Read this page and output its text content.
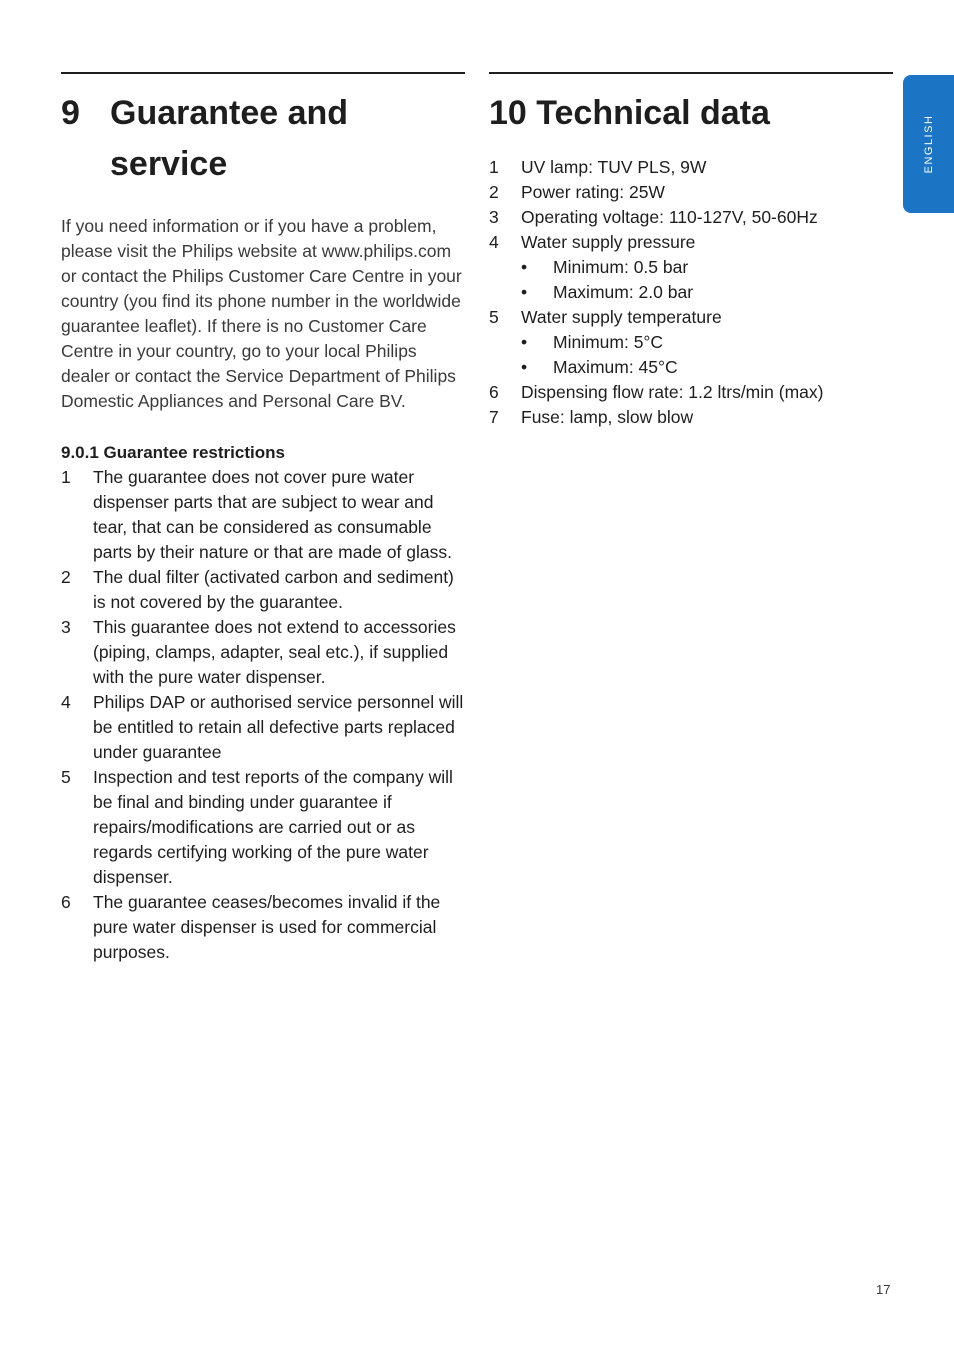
9 Guarantee and service

If you need information or if you have a problem, please visit the Philips website at www.philips.com or contact the Philips Customer Care Centre in your country (you find its phone number in the worldwide guarantee leaflet). If there is no Customer Care Centre in your country, go to your local Philips dealer or contact the Service Department of Philips Domestic Appliances and Personal Care BV.

9.0.1 Guarantee restrictions
1	The guarantee does not cover pure water dispenser parts that are subject to wear and tear, that can be considered as consumable parts by their nature or that are made of glass.
2	The dual filter (activated carbon and sediment) is not covered by the guarantee.
3	This guarantee does not extend to accessories (piping, clamps, adapter, seal etc.), if supplied with the pure water dispenser.
4	Philips DAP or authorised service personnel will be entitled to retain all defective parts replaced under guarantee
5	Inspection and test reports of the company will be final and binding under guarantee if repairs/modifications are carried out or as regards certifying working of the pure water dispenser.
6	The guarantee ceases/becomes invalid if the pure water dispenser is used for commercial purposes.
10 Technical data
1	UV lamp: TUV PLS, 9W
2	Power rating: 25W
3	Operating voltage: 110-127V, 50-60Hz
4	Water supply pressure
•	Minimum: 0.5 bar
•	Maximum: 2.0 bar
5	Water supply temperature
•	Minimum: 5°C
•	Maximum: 45°C
6	Dispensing flow rate: 1.2 ltrs/min (max)
7	Fuse: lamp, slow blow
ENGLISH
17
